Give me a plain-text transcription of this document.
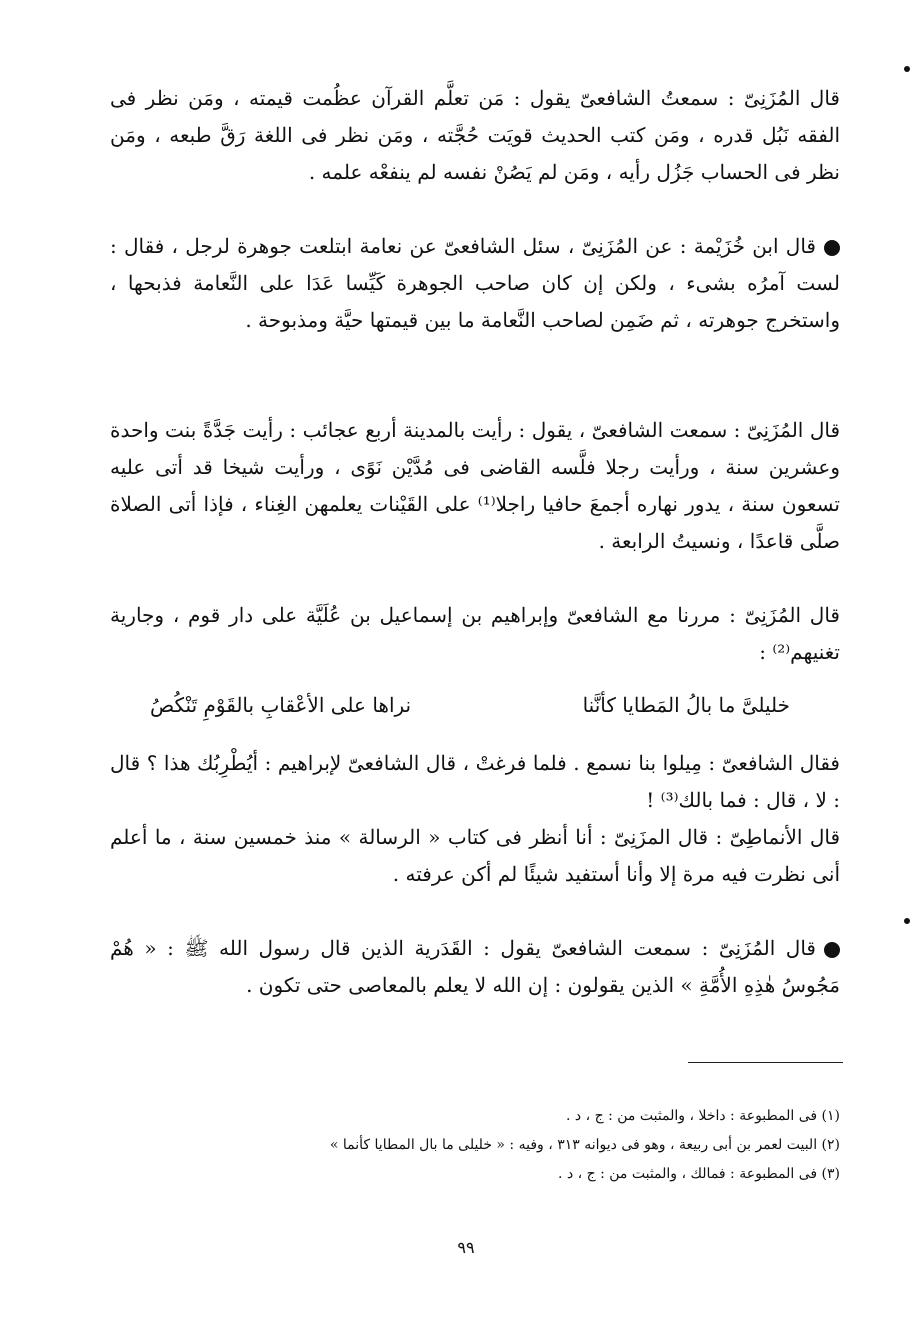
قال المُزَنِىّ : سمعتُ الشافعىّ يقول : مَن تعلَّم القرآن عظُمت قيمته ، ومَن نظر فى الفقه نَبُل قدره ، ومَن كتب الحديث قويَت حُجَّته ، ومَن نظر فى اللغة رَقَّ طبعه ، ومَن نظر فى الحساب جَزُل رأيه ، ومَن لم يَصُنْ نفسه لم ينفعْه علمه .

قال ابن خُزَيْمة : عن المُزَنِىّ ، سئل الشافعىّ عن نعامة ابتلعت جوهرة لرجل ، فقال : لست آمرُه بشىء ، ولكن إن كان صاحب الجوهرة كَيِّسا عَدَا على النَّعامة فذبحها ، واستخرج جوهرته ، ثم ضَمِن لصاحب النَّعامة ما بين قيمتها حيَّة ومذبوحة .

قال المُزَنِىّ : سمعت الشافعىّ ، يقول : رأيت بالمدينة أربع عجائب : رأيت جَدَّةً بنت واحدة وعشرين سنة ، ورأيت رجلا فلَّسه القاضى فى مُدَّيْن نَوًى ، ورأيت شيخا قد أتى عليه تسعون سنة ، يدور نهاره أجمعَ حافيا راجلا⁽¹⁾ على القَيْنات يعلمهن الغِناء ، فإذا أتى الصلاة صلَّى قاعدًا ، ونسيتُ الرابعة .

قال المُزَنِىّ : مررنا مع الشافعىّ وإبراهيم بن إسماعيل بن عُلَيَّة على دار قوم ، وجارية تغنيهم⁽²⁾ :

خليلىَّ ما بالُ المَطايا كأنَّنا
نراها على الأعْقابِ بالقَوْمِ تَنْكُصُ

فقال الشافعىّ : مِيلوا بنا نسمع . فلما فرغتْ ، قال الشافعىّ لإبراهيم : أيُطْرِبُك هذا ؟ قال : لا ، قال : فما بالك⁽³⁾ !

قال الأنماطِىّ : قال المزَنِىّ : أنا أنظر فى كتاب « الرسالة » منذ خمسين سنة ، ما أعلم أنى نظرت فيه مرة إلا وأنا أستفيد شيئًا لم أكن عرفته .

قال المُزَنِىّ : سمعت الشافعىّ يقول : القَدَرية الذين قال رسول الله ﷺ : « هُمْ مَجُوسُ هٰذِهِ الأُمَّةِ » الذين يقولون : إن الله لا يعلم بالمعاصى حتى تكون .

(١) فى المطبوعة : داخلا ، والمثبت من : ج ، د .

(٢) البيت لعمر بن أبى ربيعة ، وهو فى ديوانه ٣١٣ ، وفيه : « خليلى ما بال المطايا كأنما »

(٣) فى المطبوعة : فمالك ، والمثبت من : ج ، د .

٩٩
